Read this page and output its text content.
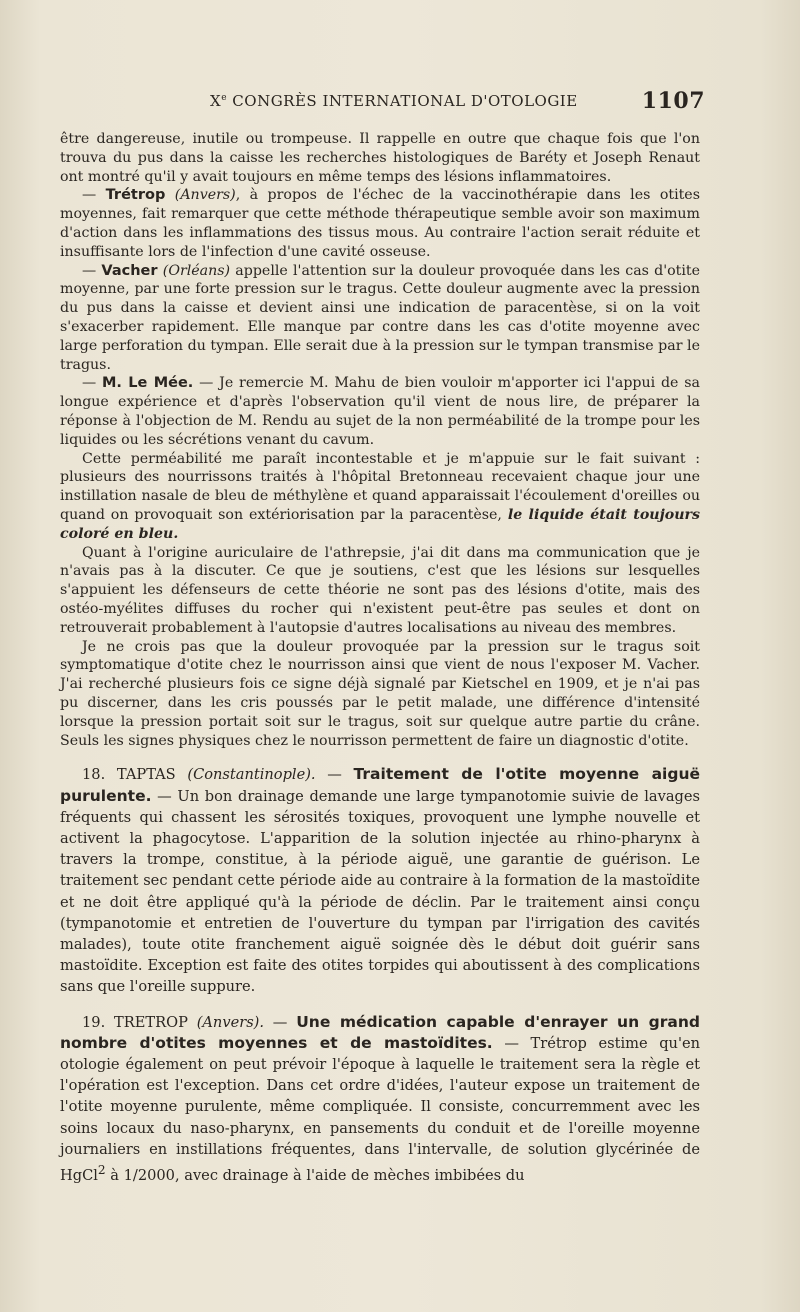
Xe CONGRÈS INTERNATIONAL D'OTOLOGIE	1107

être dangereuse, inutile ou trompeuse. Il rappelle en outre que chaque fois que l'on trouva du pus dans la caisse les recherches histologiques de Baréty et Joseph Renaut ont montré qu'il y avait toujours en même temps des lésions inflammatoires.

— Trétrop (Anvers), à propos de l'échec de la vaccinothérapie dans les otites moyennes, fait remarquer que cette méthode thérapeutique semble avoir son maximum d'action dans les inflammations des tissus mous. Au contraire l'action serait réduite et insuffisante lors de l'infection d'une cavité osseuse.

— Vacher (Orléans) appelle l'attention sur la douleur provoquée dans les cas d'otite moyenne, par une forte pression sur le tragus. Cette douleur augmente avec la pression du pus dans la caisse et devient ainsi une indication de paracentèse, si on la voit s'exacerber rapidement. Elle manque par contre dans les cas d'otite moyenne avec large perforation du tympan. Elle serait due à la pression sur le tympan transmise par le tragus.

— M. Le Mée. — Je remercie M. Mahu de bien vouloir m'apporter ici l'appui de sa longue expérience et d'après l'observation qu'il vient de nous lire, de préparer la réponse à l'objection de M. Rendu au sujet de la non perméabilité de la trompe pour les liquides ou les sécrétions venant du cavum.

Cette perméabilité me paraît incontestable et je m'appuie sur le fait suivant : plusieurs des nourrissons traités à l'hôpital Bretonneau recevaient chaque jour une instillation nasale de bleu de méthylène et quand apparaissait l'écoulement d'oreilles ou quand on provoquait son extériorisation par la paracentèse, le liquide était toujours coloré en bleu.

Quant à l'origine auriculaire de l'athrepsie, j'ai dit dans ma communication que je n'avais pas à la discuter. Ce que je soutiens, c'est que les lésions sur lesquelles s'appuient les défenseurs de cette théorie ne sont pas des lésions d'otite, mais des ostéo-myélites diffuses du rocher qui n'existent peut-être pas seules et dont on retrouverait probablement à l'autopsie d'autres localisations au niveau des membres.

Je ne crois pas que la douleur provoquée par la pression sur le tragus soit symptomatique d'otite chez le nourrisson ainsi que vient de nous l'exposer M. Vacher. J'ai recherché plusieurs fois ce signe déjà signalé par Kietschel en 1909, et je n'ai pas pu discerner, dans les cris poussés par le petit malade, une différence d'intensité lorsque la pression portait soit sur le tragus, soit sur quelque autre partie du crâne. Seuls les signes physiques chez le nourrisson permettent de faire un diagnostic d'otite.

18. TAPTAS (Constantinople). — Traitement de l'otite moyenne aiguë purulente. — Un bon drainage demande une large tympanotomie suivie de lavages fréquents qui chassent les sérosités toxiques, provoquent une lymphe nouvelle et activent la phagocytose. L'apparition de la solution injectée au rhino-pharynx à travers la trompe, constitue, à la période aiguë, une garantie de guérison. Le traitement sec pendant cette période aide au contraire à la formation de la mastoïdite et ne doit être appliqué qu'à la période de déclin. Par le traitement ainsi conçu (tympanotomie et entretien de l'ouverture du tympan par l'irrigation des cavités malades), toute otite franchement aiguë soignée dès le début doit guérir sans mastoïdite. Exception est faite des otites torpides qui aboutissent à des complications sans que l'oreille suppure.

19. TRETROP (Anvers). — Une médication capable d'enrayer un grand nombre d'otites moyennes et de mastoïdites. — Trétrop estime qu'en otologie également on peut prévoir l'époque à laquelle le traitement sera la règle et l'opération est l'exception. Dans cet ordre d'idées, l'auteur expose un traitement de l'otite moyenne purulente, même compliquée. Il consiste, concurremment avec les soins locaux du naso-pharynx, en pansements du conduit et de l'oreille moyenne journaliers en instillations fréquentes, dans l'intervalle, de solution glycérinée de HgCl$^2$ à 1/2000, avec drainage à l'aide de mèches imbibées du
